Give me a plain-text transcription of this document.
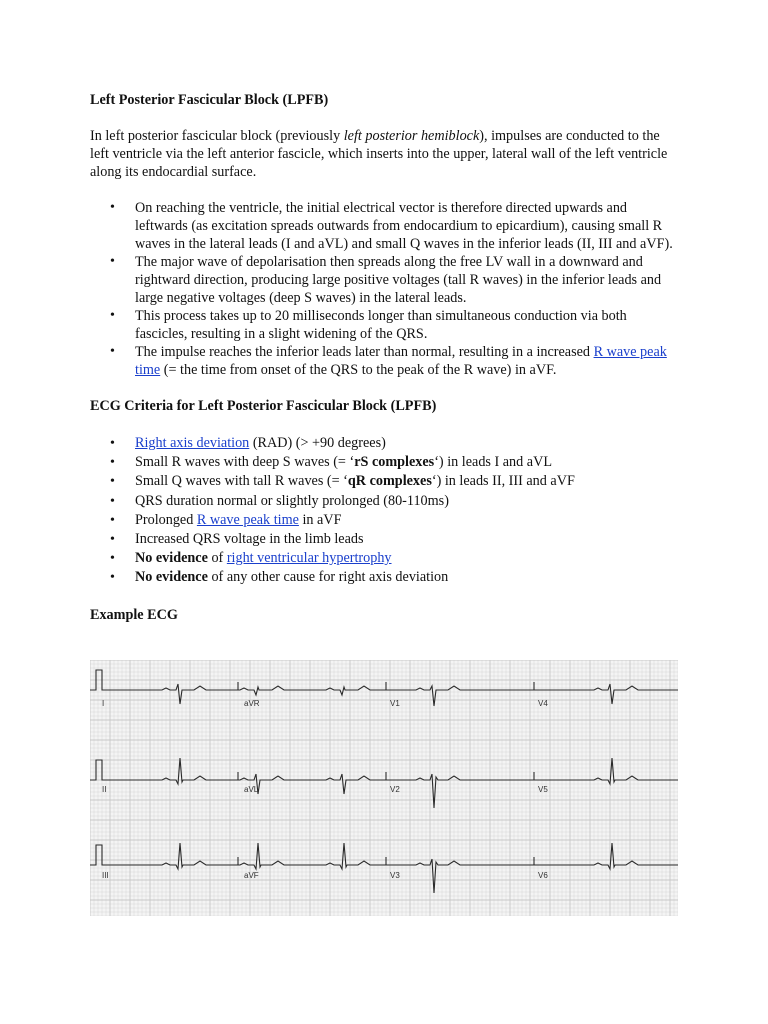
Left Posterior Fascicular Block (LPFB)

In left posterior fascicular block (previously left posterior hemiblock), impulses are conducted to the left ventricle via the left anterior fascicle, which inserts into the upper, lateral wall of the left ventricle along its endocardial surface.

• On reaching the ventricle, the initial electrical vector is therefore directed upwards and leftwards (as excitation spreads outwards from endocardium to epicardium), causing small R waves in the lateral leads (I and aVL) and small Q waves in the inferior leads (II, III and aVF).
• The major wave of depolarisation then spreads along the free LV wall in a downward and rightward direction, producing large positive voltages (tall R waves) in the inferior leads and large negative voltages (deep S waves) in the lateral leads.
• This process takes up to 20 milliseconds longer than simultaneous conduction via both fascicles, resulting in a slight widening of the QRS.
• The impulse reaches the inferior leads later than normal, resulting in a increased R wave peak time (= the time from onset of the QRS to the peak of the R wave) in aVF.
ECG Criteria for Left Posterior Fascicular Block (LPFB)
• Right axis deviation (RAD) (> +90 degrees)
• Small R waves with deep S waves (= ‘rS complexes‘) in leads I and aVL
• Small Q waves with tall R waves (= ‘qR complexes‘) in leads II, III and aVF
• QRS duration normal or slightly prolonged (80-110ms)
• Prolonged R wave peak time in aVF
• Increased QRS voltage in the limb leads
• No evidence of right ventricular hypertrophy
• No evidence of any other cause for right axis deviation
Example ECG
I	aVR	V1	V4
II	aVL	V2	V5
III	aVF	V3	V6
